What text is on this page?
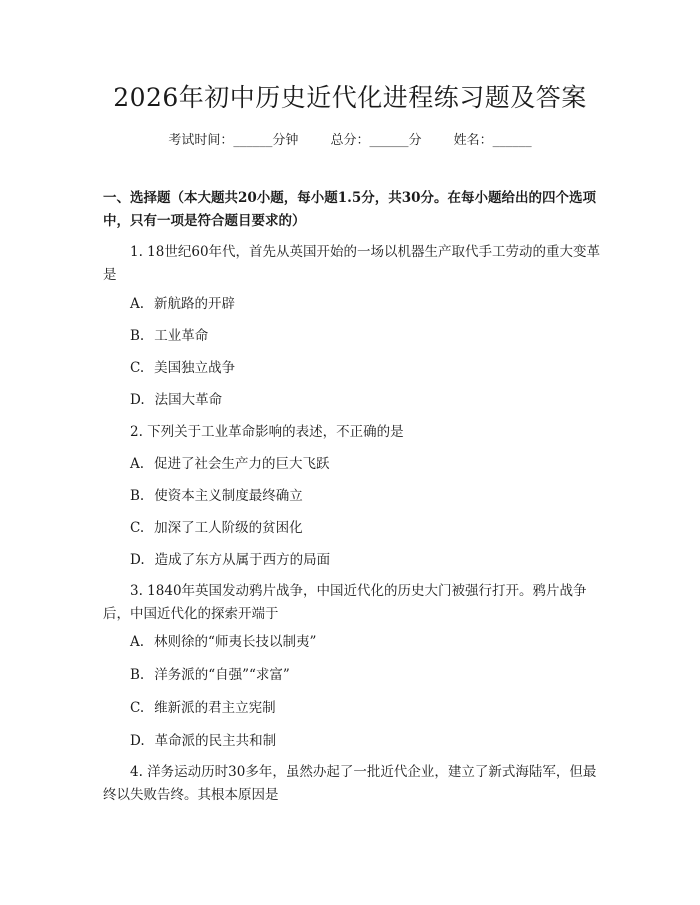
2026年初中历史近代化进程练习题及答案
考试时间：______分钟 总分：______分 姓名：______

一、选择题（本大题共20小题，每小题1.5分，共30分。在每小题给出的四个选项中，只有一项是符合题目要求的）

1. 18世纪60年代，首先从英国开始的一场以机器生产取代手工劳动的重大变革是

A. 新航路的开辟

B. 工业革命

C. 美国独立战争

D. 法国大革命

2. 下列关于工业革命影响的表述，不正确的是

A. 促进了社会生产力的巨大飞跃

B. 使资本主义制度最终确立

C. 加深了工人阶级的贫困化

D. 造成了东方从属于西方的局面

3. 1840年英国发动鸦片战争，中国近代化的历史大门被强行打开。鸦片战争后，中国近代化的探索开端于

A. 林则徐的“师夷长技以制夷”

B. 洋务派的“自强”“求富”

C. 维新派的君主立宪制

D. 革命派的民主共和制

4. 洋务运动历时30多年，虽然办起了一批近代企业，建立了新式海陆军，但最终以失败告终。其根本原因是
